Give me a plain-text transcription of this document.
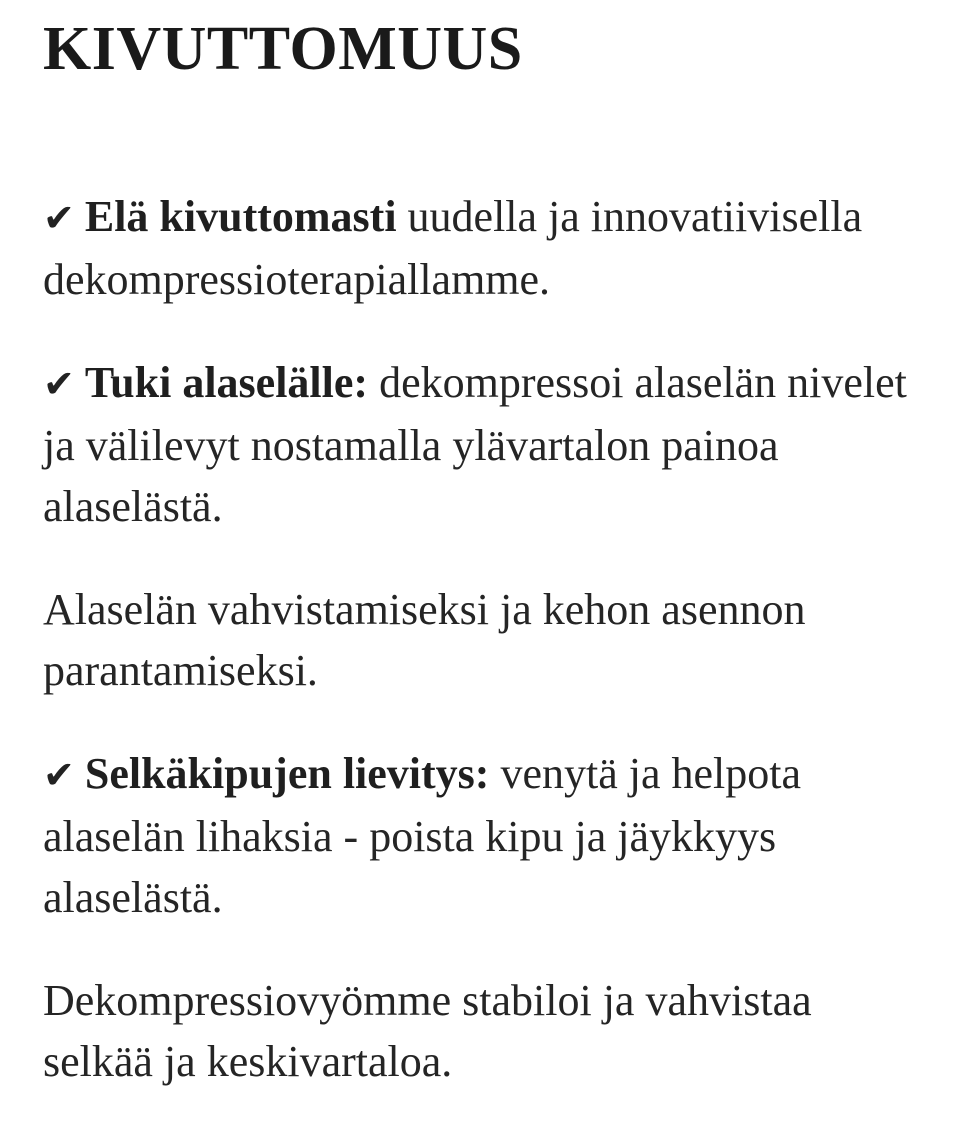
KIVUTTOMUUS

✔ Elä kivuttomasti uudella ja innovatiivisella dekompressioterapiallamme.

✔ Tuki alaselälle: dekompressoi alaselän nivelet ja välilevyt nostamalla ylävartalon painoa alaselästä.

Alaselän vahvistamiseksi ja kehon asennon parantamiseksi.

✔ Selkäkipujen lievitys: venytä ja helpota alaselän lihaksia - poista kipu ja jäykkyys alaselästä.

Dekompressiovyömme stabiloi ja vahvistaa selkää ja keskivartaloa.
